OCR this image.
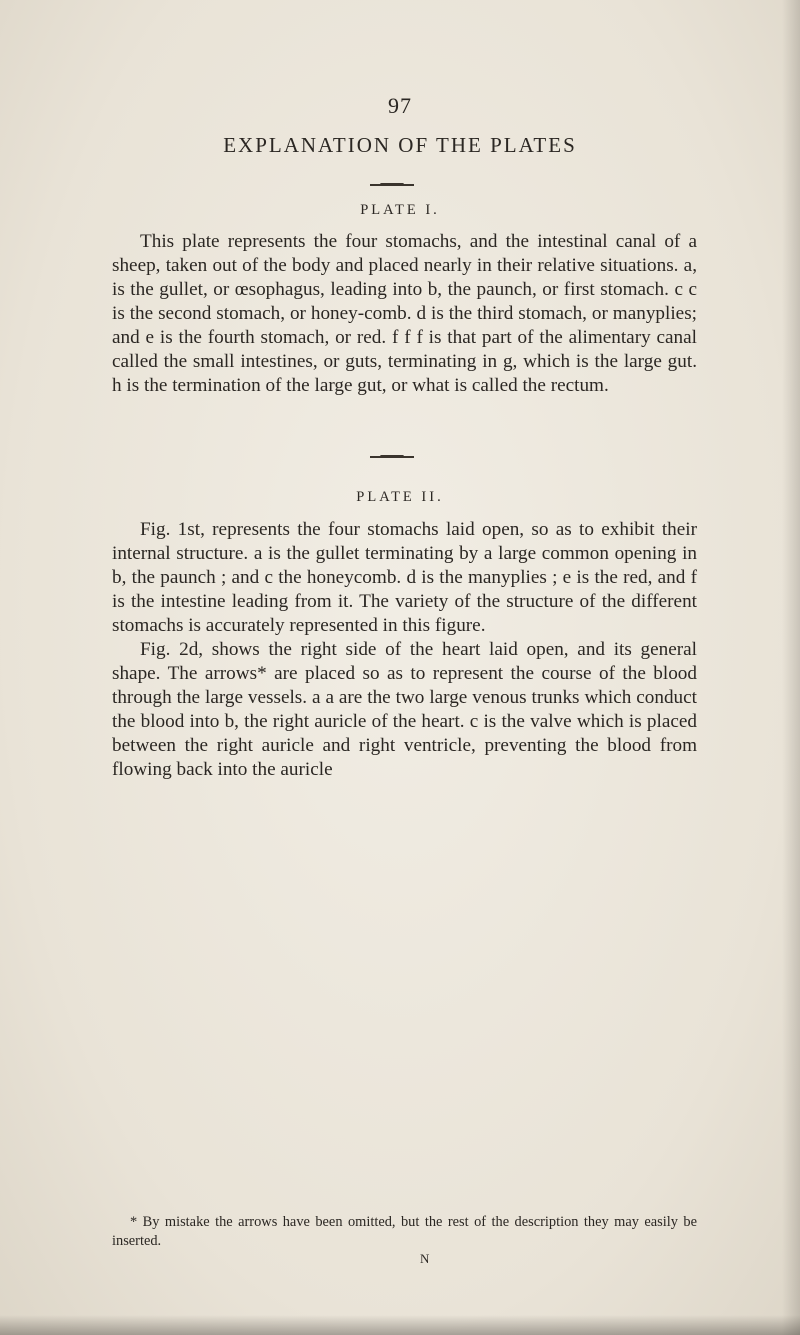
97
EXPLANATION OF THE PLATES
PLATE I.

This plate represents the four stomachs, and the intestinal canal of a sheep, taken out of the body and placed nearly in their relative situations. a, is the gullet, or œsophagus, leading into b, the paunch, or first stomach. c c is the second stomach, or honey-comb. d is the third stomach, or manyplies; and e is the fourth stomach, or red. f f f is that part of the alimentary canal called the small intestines, or guts, terminating in g, which is the large gut. h is the termination of the large gut, or what is called the rectum.

PLATE II.

Fig. 1st, represents the four stomachs laid open, so as to exhibit their internal structure. a is the gullet terminating by a large common opening in b, the paunch ; and c the honeycomb. d is the manyplies ; e is the red, and f is the intestine leading from it. The variety of the structure of the different stomachs is accurately represented in this figure.

Fig. 2d, shows the right side of the heart laid open, and its general shape. The arrows* are placed so as to represent the course of the blood through the large vessels. a a are the two large venous trunks which conduct the blood into b, the right auricle of the heart. c is the valve which is placed between the right auricle and right ventricle, preventing the blood from flowing back into the auricle

* By mistake the arrows have been omitted, but the rest of the description they may easily be inserted.

N
